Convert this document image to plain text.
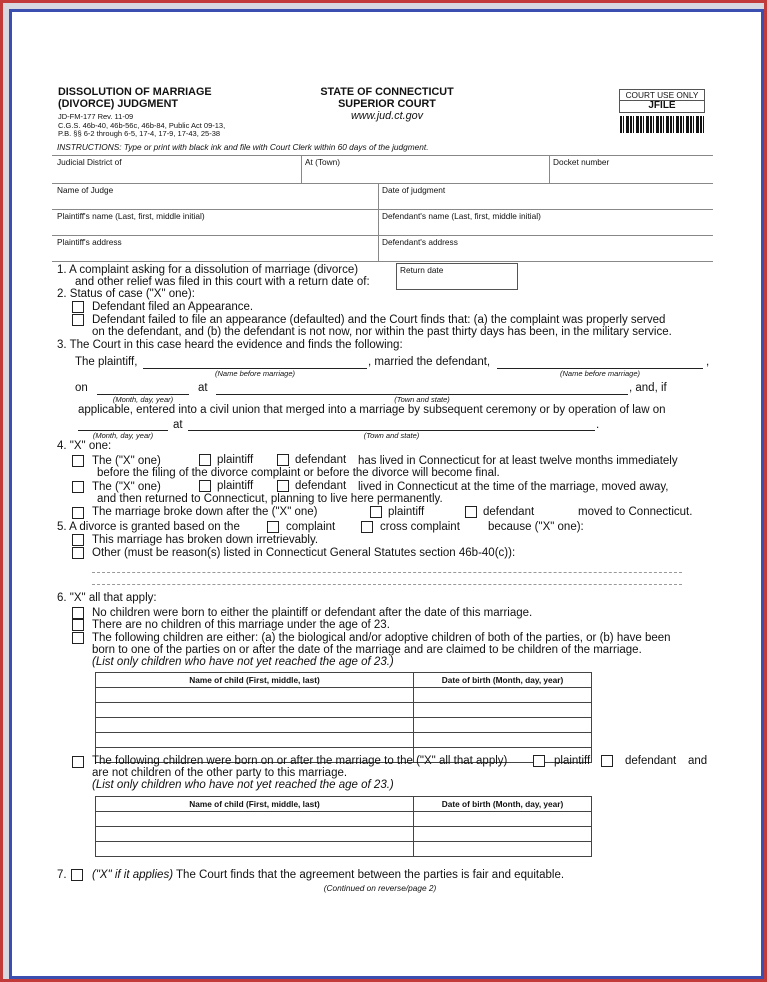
DISSOLUTION OF MARRIAGE
(DIVORCE) JUDGMENT
JD-FM-177 Rev. 11-09
C.G.S. 46b-40, 46b-56c, 46b-84, Public Act 09-13,
P.B. §§ 6-2 through 6-5, 17-4, 17-9, 17-43, 25-38
STATE OF CONNECTICUT
SUPERIOR COURT
www.jud.ct.gov
COURT USE ONLY
JFILE
INSTRUCTIONS: Type or print with black ink and file with Court Clerk within 60 days of the judgment.
Judicial District of	At (Town)	Docket number
Name of Judge	Date of judgment
Plaintiff's name (Last, first, middle initial)	Defendant's name (Last, first, middle initial)
Plaintiff's address	Defendant's address
1. A complaint asking for a dissolution of marriage (divorce)
and other relief was filed in this court with a return date of:
Return date
2. Status of case ("X" one):
Defendant filed an Appearance.
Defendant failed to file an appearance (defaulted) and the Court finds that: (a) the complaint was properly served
on the defendant, and (b) the defendant is not now, nor within the past thirty days has been, in the military service.
3. The Court in this case heard the evidence and finds the following:
The plaintiff,	, married the defendant,	,
(Name before marriage)	(Name before marriage)
on	at	, and, if
(Month, day, year)	(Town and state)
applicable, entered into a civil union that merged into a marriage by subsequent ceremony or by operation of law on
at	.
(Month, day, year)	(Town and state)
4. "X" one:
The ("X" one)	plaintiff	defendant has lived in Connecticut for at least twelve months immediately
before the filing of the divorce complaint or before the divorce will become final.
The ("X" one)	plaintiff	defendant lived in Connecticut at the time of the marriage, moved away,
and then returned to Connecticut, planning to live here permanently.
The marriage broke down after the ("X" one)	plaintiff	defendant	moved to Connecticut.
5. A divorce is granted based on the	complaint	cross complaint because ("X" one):
This marriage has broken down irretrievably.
Other (must be reason(s) listed in Connecticut General Statutes section 46b-40(c)):
6. "X" all that apply:
No children were born to either the plaintiff or defendant after the date of this marriage.
There are no children of this marriage under the age of 23.
The following children are either: (a) the biological and/or adoptive children of both of the parties, or (b) have been
born to one of the parties on or after the date of the marriage and are claimed to be children of the marriage.
(List only children who have not yet reached the age of 23.)
Name of child (First, middle, last)	Date of birth (Month, day, year)

The following children were born on or after the marriage to the ("X" all that apply)	plaintiff	defendant and
are not children of the other party to this marriage.
(List only children who have not yet reached the age of 23.)
Name of child (First, middle, last)	Date of birth (Month, day, year)

7. ("X" if it applies) The Court finds that the agreement between the parties is fair and equitable.
(Continued on reverse/page 2)
